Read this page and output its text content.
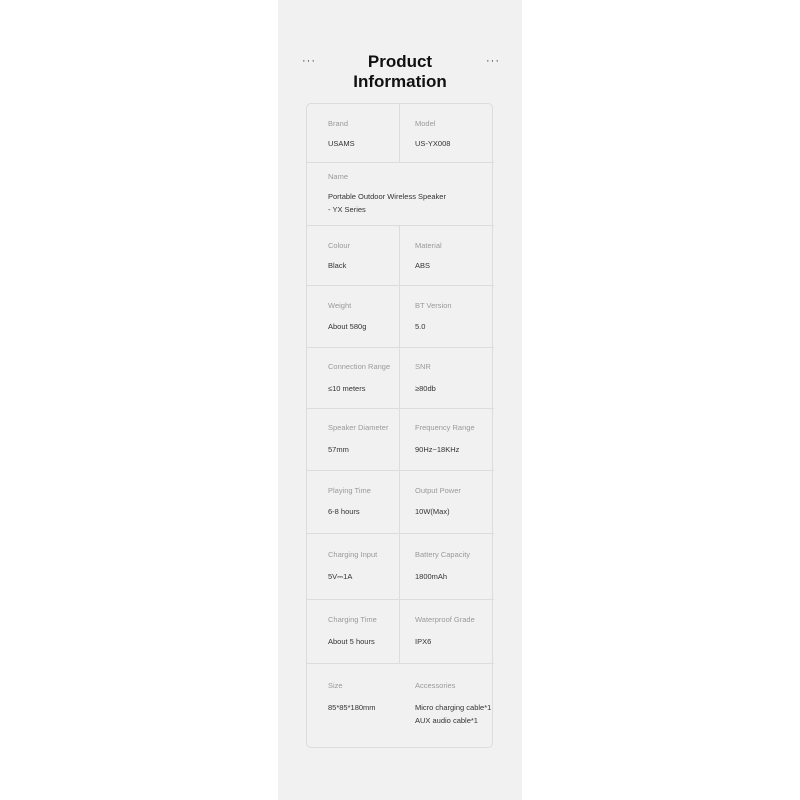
···	Product Information
···
Brand
USAMS
Model
US-YX008
Name
Portable Outdoor Wireless Speaker
- YX Series
Colour
Black
Material
ABS
Weight
About 580g
BT Version
5.0
Connection Range
≤10 meters
SNR
≥80db
Speaker Diameter
57mm
Frequency Range
90Hz~18KHz
Playing Time
6-8 hours
Output Power
10W(Max)
Charging Input
5V⎓1A
Battery Capacity
1800mAh
Charging Time
About 5 hours
Waterproof Grade
IPX6
Size
85*85*180mm
Accessories
Micro charging cable*1
AUX audio cable*1
